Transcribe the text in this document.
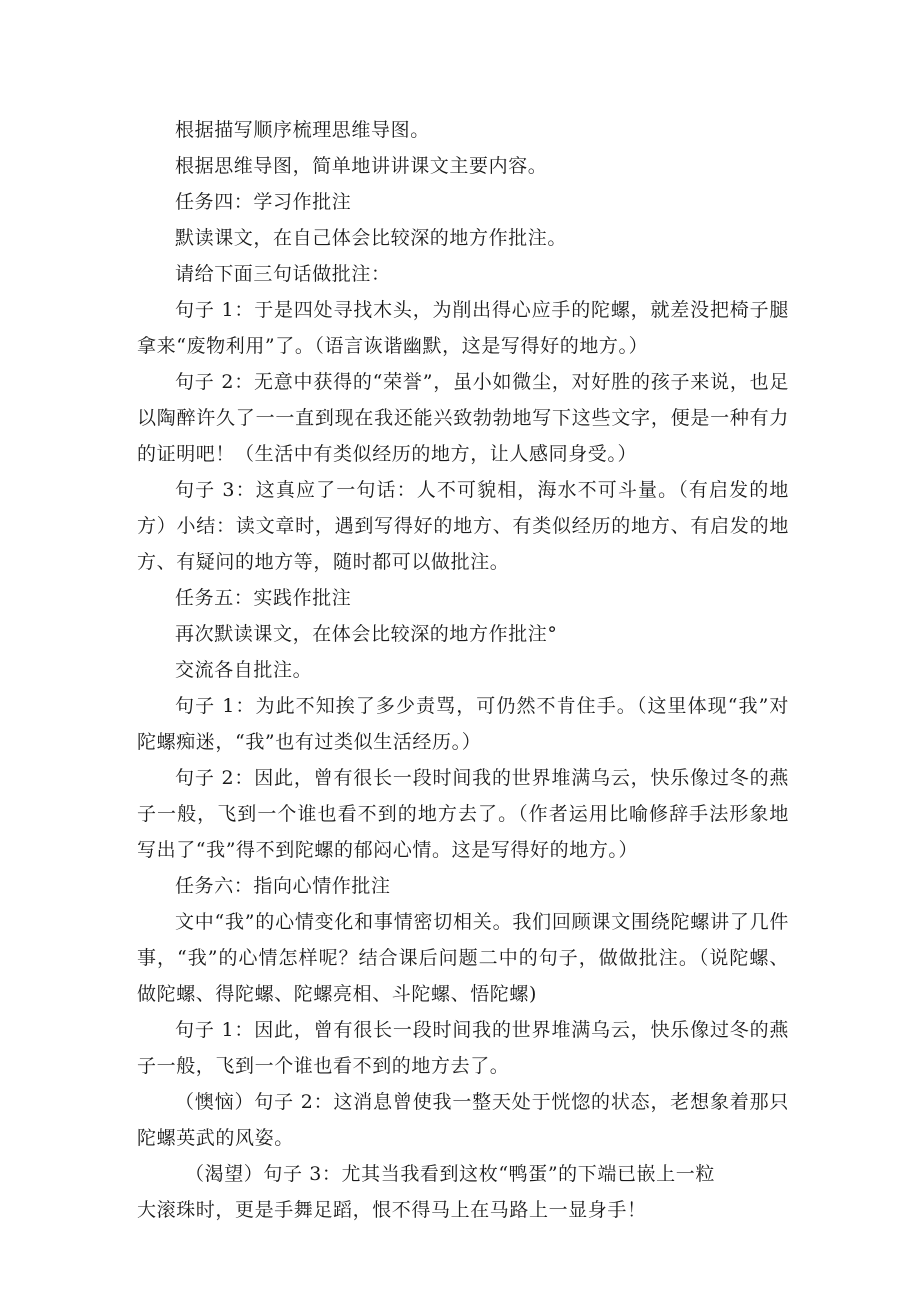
根据描写顺序梳理思维导图。

根据思维导图，简单地讲讲课文主要内容。

任务四：学习作批注

默读课文，在自己体会比较深的地方作批注。

请给下面三句话做批注：

句子 1：于是四处寻找木头，为削出得心应手的陀螺，就差没把椅子腿拿来“废物利用”了。（语言诙谐幽默，这是写得好的地方。）

句子 2：无意中获得的“荣誉”，虽小如微尘，对好胜的孩子来说，也足以陶醉许久了一一直到现在我还能兴致勃勃地写下这些文字，便是一种有力的证明吧！（生活中有类似经历的地方，让人感同身受。）

句子 3：这真应了一句话：人不可貌相，海水不可斗量。（有启发的地方）小结：读文章时，遇到写得好的地方、有类似经历的地方、有启发的地方、有疑问的地方等，随时都可以做批注。

任务五：实践作批注

再次默读课文，在体会比较深的地方作批注°

交流各自批注。

句子 1：为此不知挨了多少责骂，可仍然不肯住手。（这里体现“我”对陀螺痴迷，“我”也有过类似生活经历。）

句子 2：因此，曾有很长一段时间我的世界堆满乌云，快乐像过冬的燕子一般，飞到一个谁也看不到的地方去了。（作者运用比喻修辞手法形象地写出了“我”得不到陀螺的郁闷心情。这是写得好的地方。）

任务六：指向心情作批注

文中“我”的心情变化和事情密切相关。我们回顾课文围绕陀螺讲了几件事，“我”的心情怎样呢？结合课后问题二中的句子，做做批注。（说陀螺、做陀螺、得陀螺、陀螺亮相、斗陀螺、悟陀螺)

句子 1：因此，曾有很长一段时间我的世界堆满乌云，快乐像过冬的燕子一般，飞到一个谁也看不到的地方去了。

（懊恼）句子 2：这消息曾使我一整天处于恍惚的状态，老想象着那只陀螺英武的风姿。

（渴望）句子 3：尤其当我看到这枚“鸭蛋”的下端已嵌上一粒

大滚珠时，更是手舞足蹈，恨不得马上在马路上一显身手！
